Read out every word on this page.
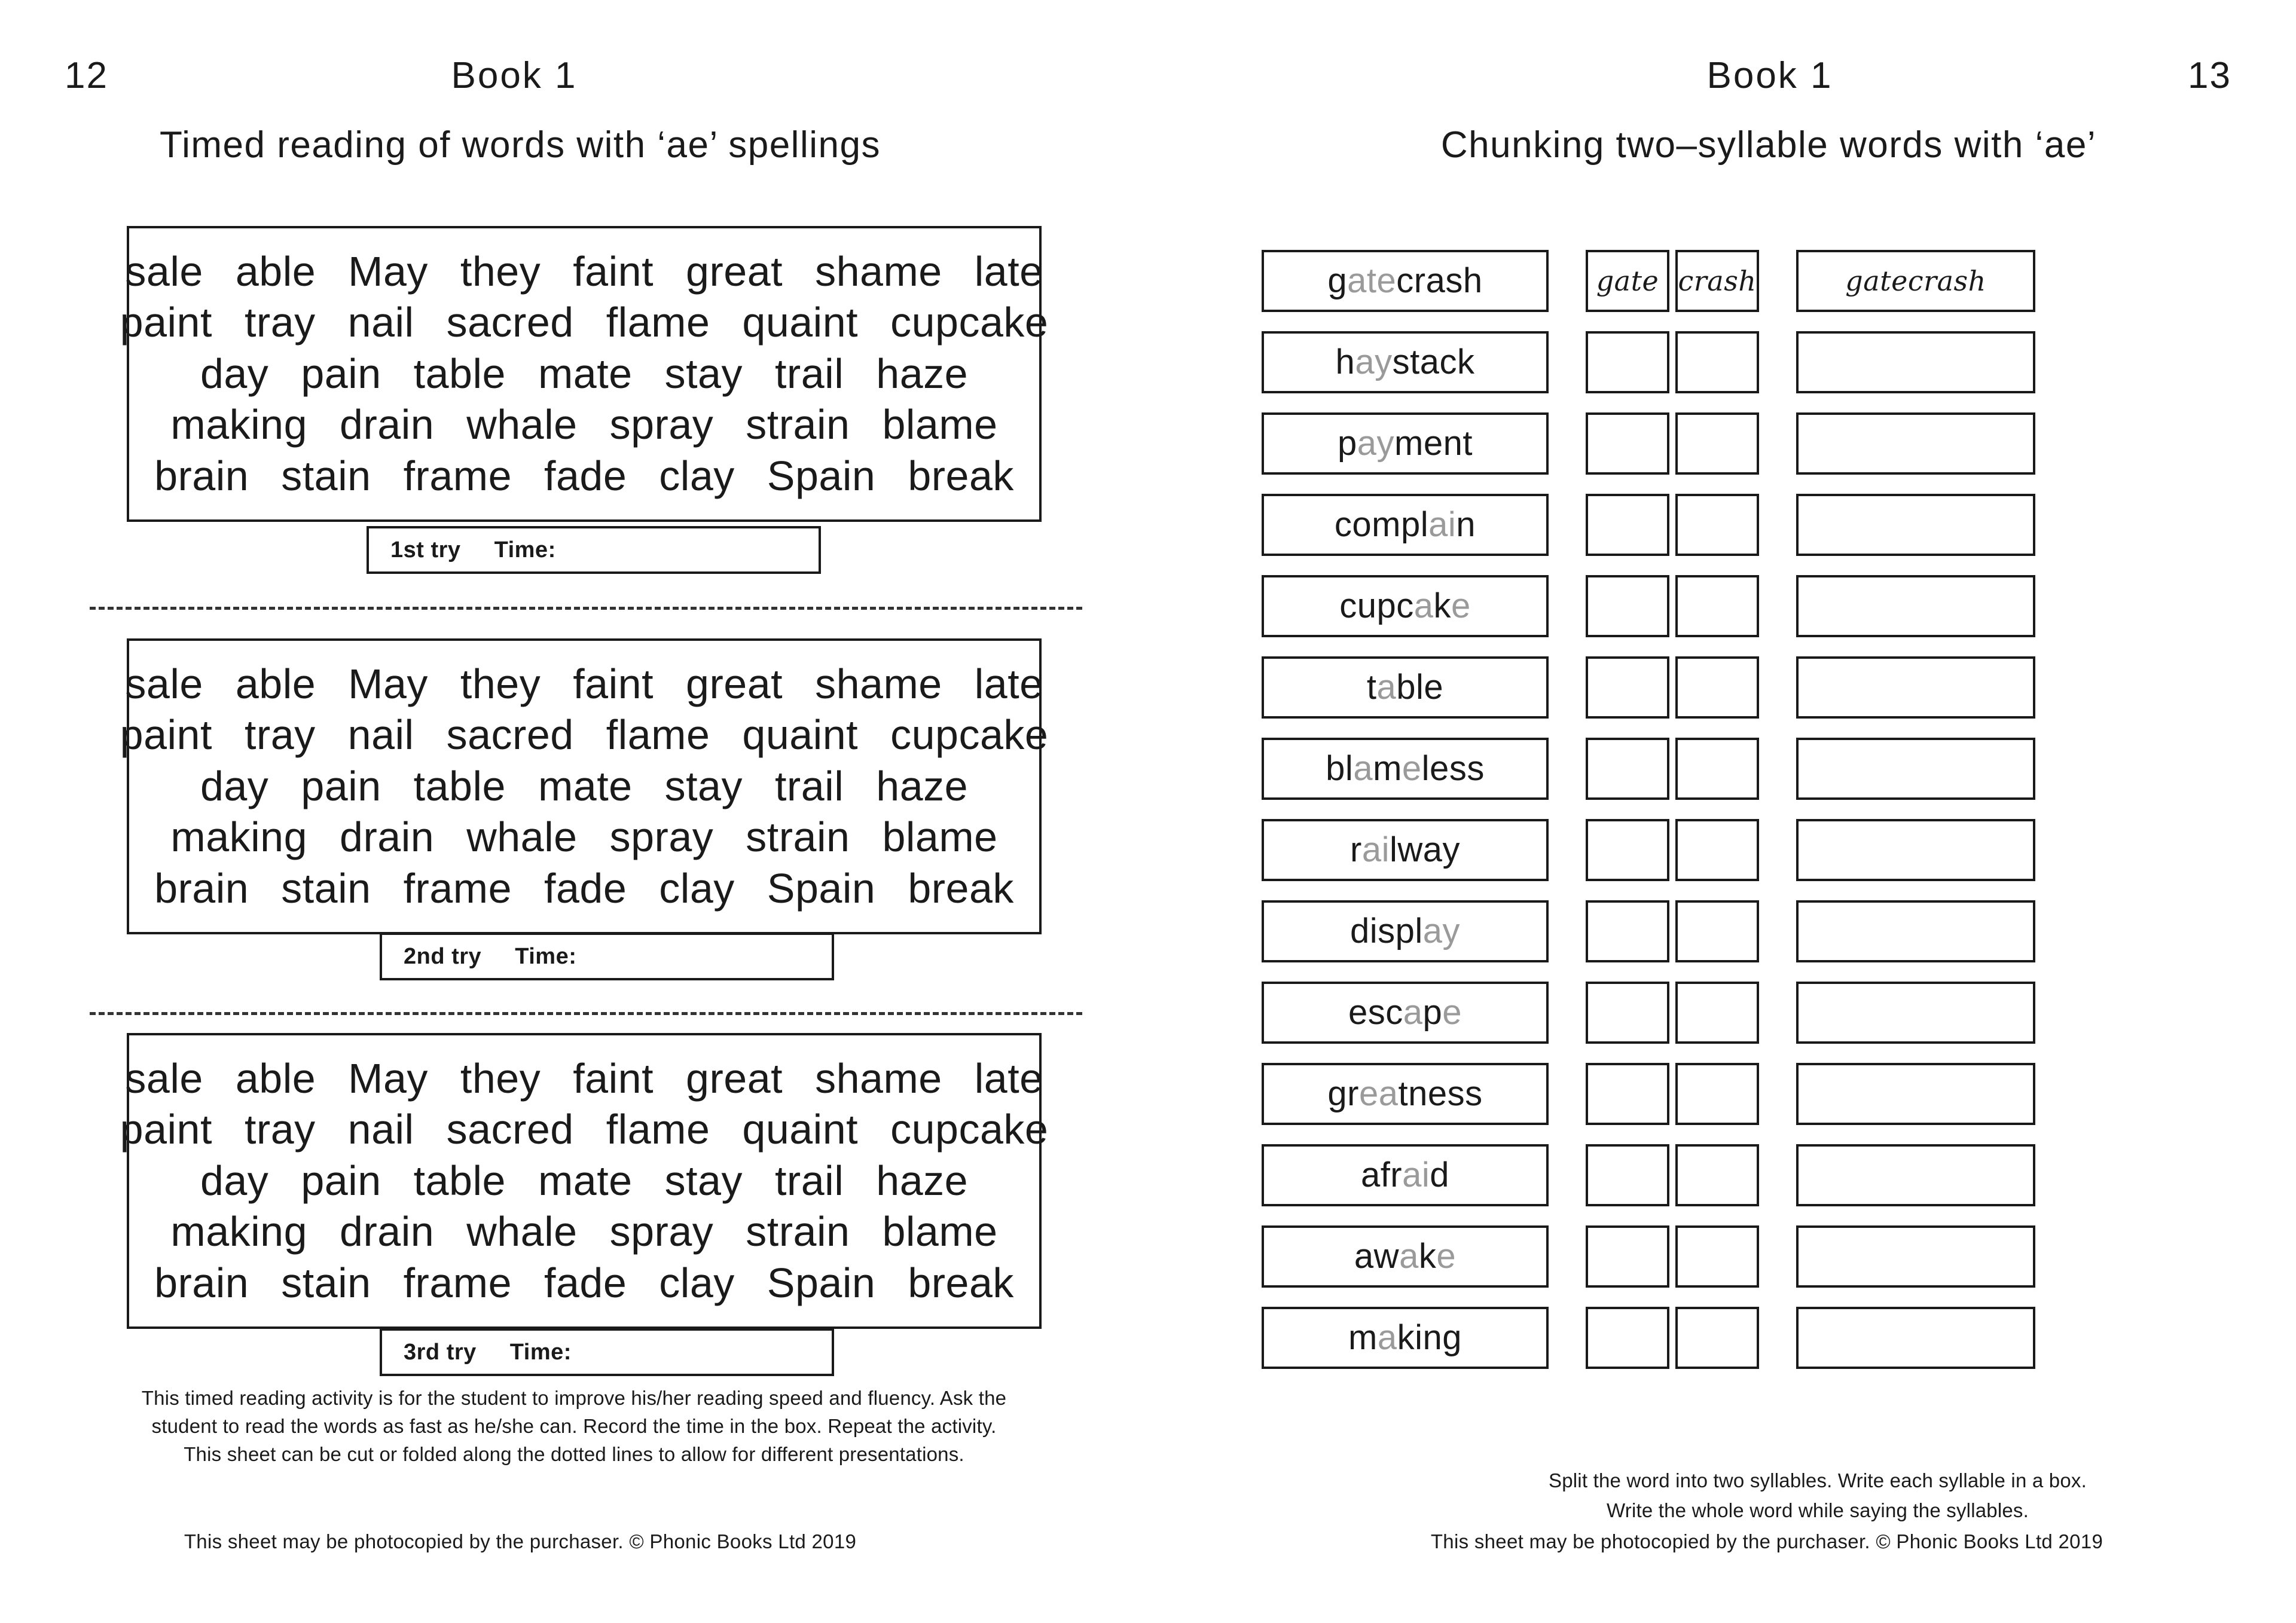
12	Book 1
Timed reading of words with ‘ae’ spellings
sale able May they faint great shame late
paint tray nail sacred flame quaint cupcake
day pain table mate stay trail haze
making drain whale spray strain blame
brain stain frame fade clay Spain break
1st try Time:
sale able May they faint great shame late
paint tray nail sacred flame quaint cupcake
day pain table mate stay trail haze
making drain whale spray strain blame
brain stain frame fade clay Spain break
2nd try Time:
sale able May they faint great shame late
paint tray nail sacred flame quaint cupcake
day pain table mate stay trail haze
making drain whale spray strain blame
brain stain frame fade clay Spain break
3rd try Time:
This timed reading activity is for the student to improve his/her reading speed and fluency. Ask the
student to read the words as fast as he/she can. Record the time in the box. Repeat the activity.
This sheet can be cut or folded along the dotted lines to allow for different presentations.
This sheet may be photocopied by the purchaser. © Phonic Books Ltd 2019
13
Book 1
Chunking two–syllable words with ‘ae’
Split the word into two syllables. Write each syllable in a box.
Write the whole word while saying the syllables.
This sheet may be photocopied by the purchaser. © Phonic Books Ltd 2019
gatecrash	gate crash	gatecrash
haystack
payment
complain
cupcake
table
blameless
railway
display
escape
greatness
afraid
awake
making
